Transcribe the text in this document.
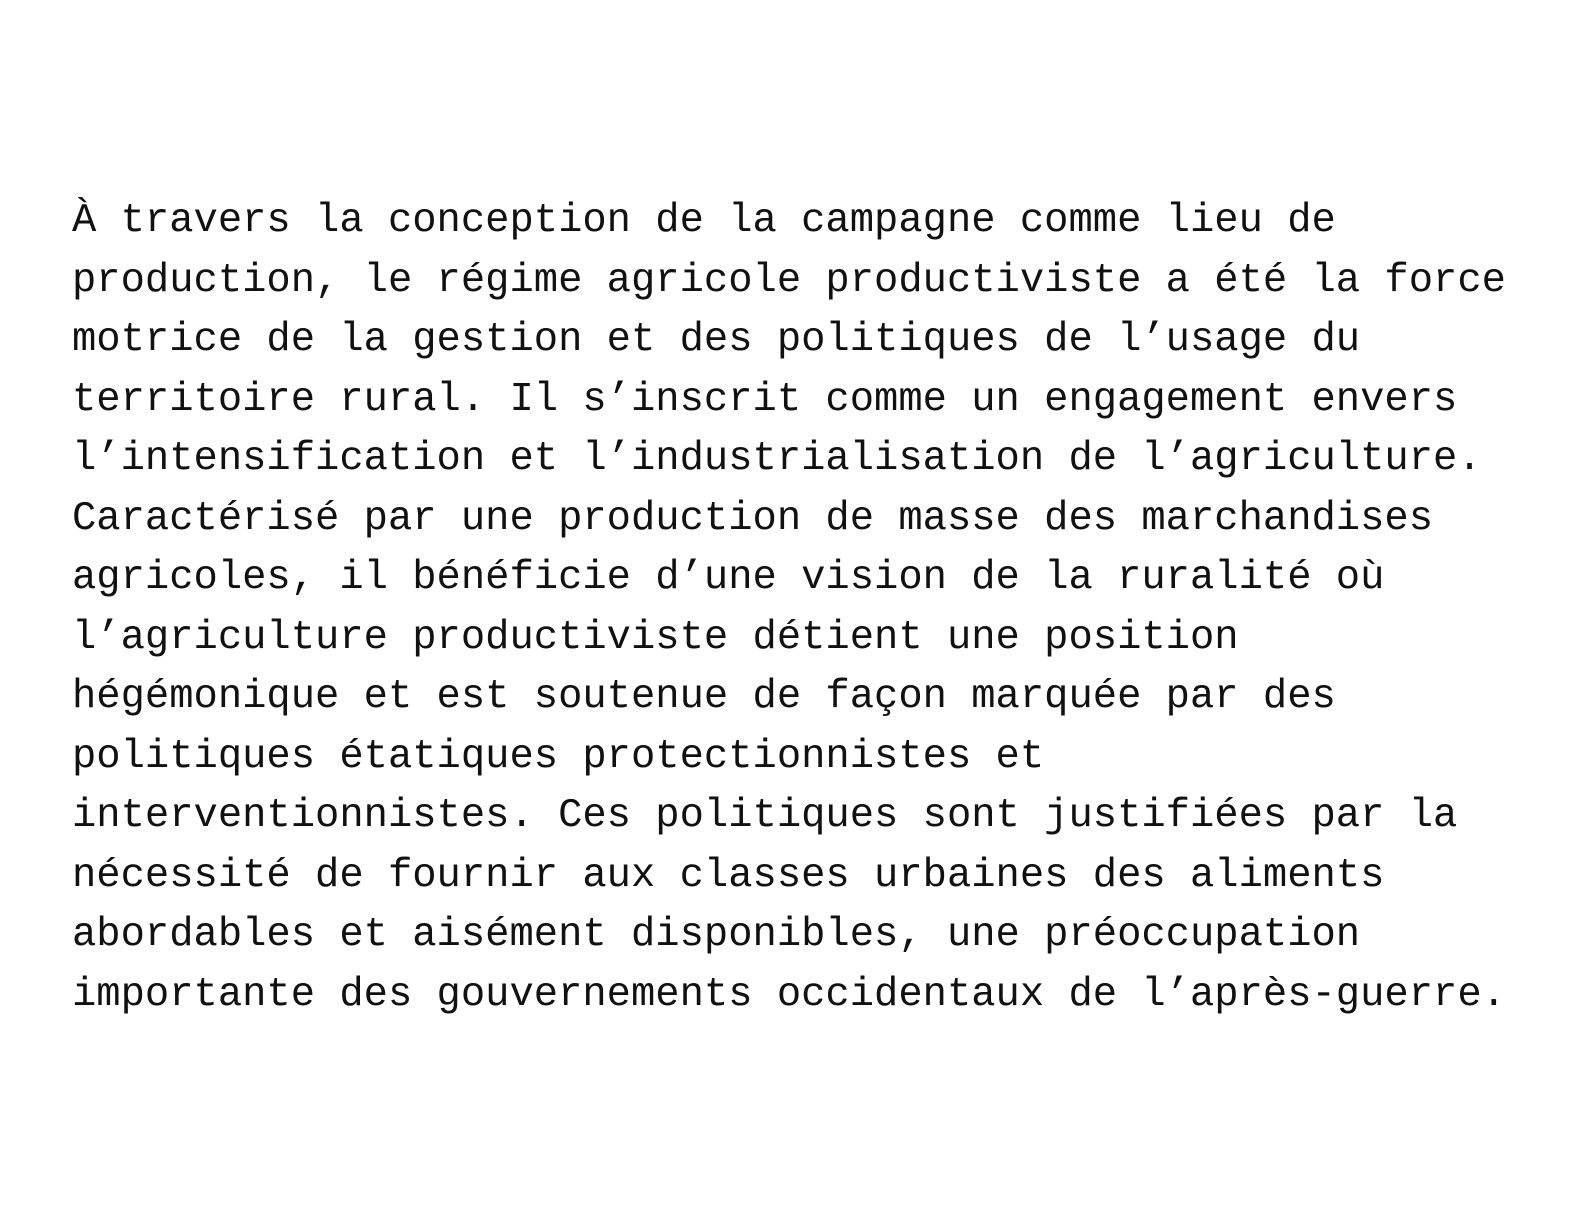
À travers la conception de la campagne comme lieu de
production, le régime agricole productiviste a été la force
motrice de la gestion et des politiques de l’usage du
territoire rural. Il s’inscrit comme un engagement envers
l’intensification et l’industrialisation de l’agriculture.
Caractérisé par une production de masse des marchandises
agricoles, il bénéficie d’une vision de la ruralité où
l’agriculture productiviste détient une position
hégémonique et est soutenue de façon marquée par des
politiques étatiques protectionnistes et
interventionnistes. Ces politiques sont justifiées par la
nécessité de fournir aux classes urbaines des aliments
abordables et aisément disponibles, une préoccupation
importante des gouvernements occidentaux de l’après-guerre.
